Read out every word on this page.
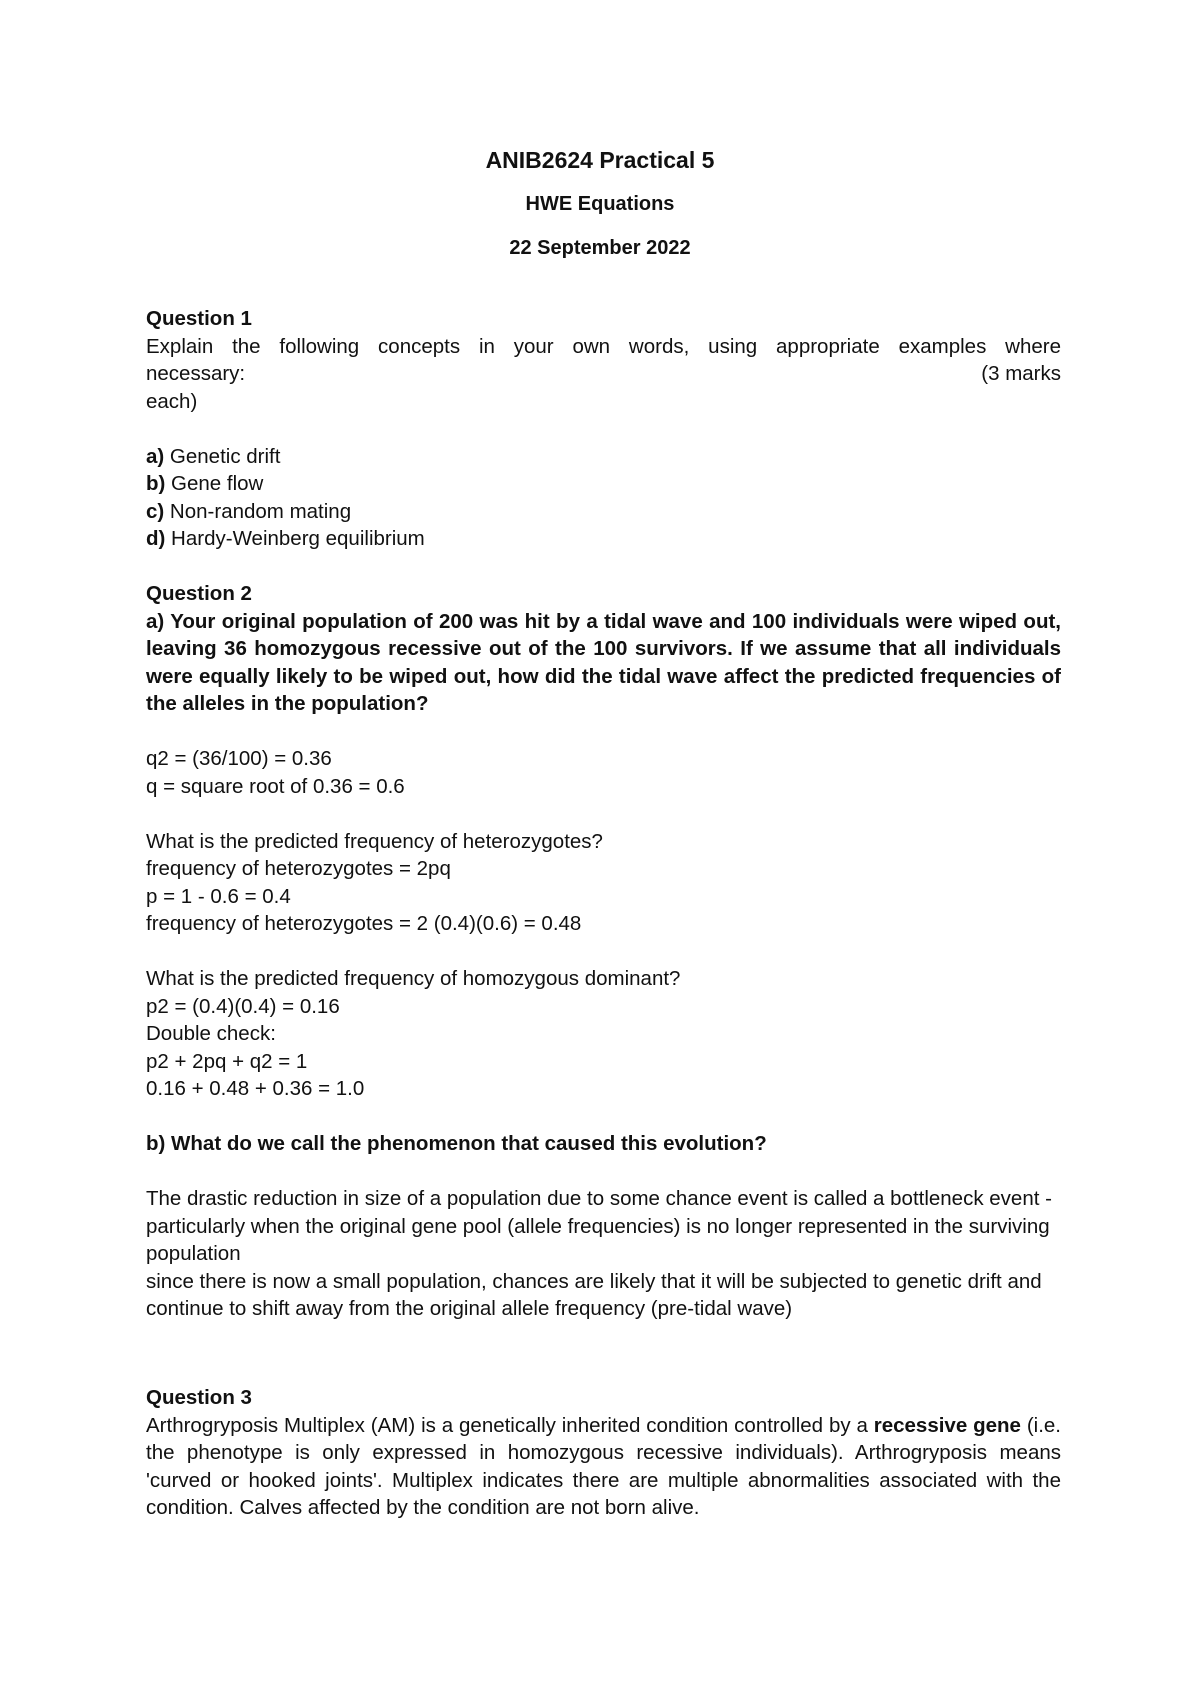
ANIB2624 Practical 5
HWE Equations
22 September 2022
Question 1
Explain the following concepts in your own words, using appropriate examples where
necessary:	(3 marks
each)
a) Genetic drift
b) Gene flow
c) Non-random mating
d) Hardy-Weinberg equilibrium
Question 2
a) Your original population of 200 was hit by a tidal wave and 100 individuals were wiped out, leaving 36 homozygous recessive out of the 100 survivors. If we assume that all individuals were equally likely to be wiped out, how did the tidal wave affect the predicted frequencies of the alleles in the population?
q2 = (36/100) = 0.36
q = square root of 0.36 = 0.6
What is the predicted frequency of heterozygotes?
frequency of heterozygotes = 2pq
p = 1 - 0.6 = 0.4
frequency of heterozygotes = 2 (0.4)(0.6) = 0.48
What is the predicted frequency of homozygous dominant?
p2 = (0.4)(0.4) = 0.16
Double check:
p2 + 2pq + q2 = 1
0.16 + 0.48 + 0.36 = 1.0
b) What do we call the phenomenon that caused this evolution?
The drastic reduction in size of a population due to some chance event is called a bottleneck event - particularly when the original gene pool (allele frequencies) is no longer represented in the surviving population
since there is now a small population, chances are likely that it will be subjected to genetic drift and continue to shift away from the original allele frequency (pre-tidal wave)
Question 3
Arthrogryposis Multiplex (AM) is a genetically inherited condition controlled by a recessive gene (i.e. the phenotype is only expressed in homozygous recessive individuals). Arthrogryposis means 'curved or hooked joints'. Multiplex indicates there are multiple abnormalities associated with the condition. Calves affected by the condition are not born alive.
